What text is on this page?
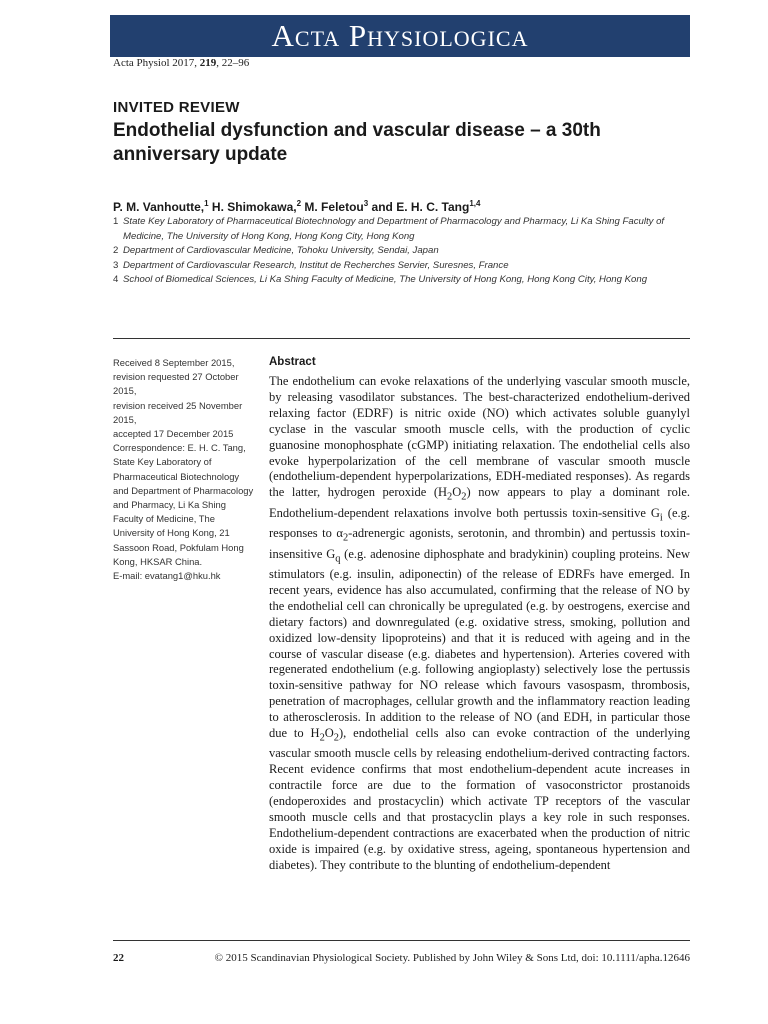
Acta Physiologica
Acta Physiol 2017, 219, 22–96
INVITED REVIEW
Endothelial dysfunction and vascular disease – a 30th anniversary update
P. M. Vanhoutte,$^1$ H. Shimokawa,$^2$ M. Feletou$^3$ and E. H. C. Tang$^{1,4}$
1 State Key Laboratory of Pharmaceutical Biotechnology and Department of Pharmacology and Pharmacy, Li Ka Shing Faculty of Medicine, The University of Hong Kong, Hong Kong City, Hong Kong
2 Department of Cardiovascular Medicine, Tohoku University, Sendai, Japan
3 Department of Cardiovascular Research, Institut de Recherches Servier, Suresnes, France
4 School of Biomedical Sciences, Li Ka Shing Faculty of Medicine, The University of Hong Kong, Hong Kong City, Hong Kong
Received 8 September 2015,
revision requested 27 October 2015,
revision received 25 November 2015,
accepted 17 December 2015
Correspondence: E. H. C. Tang, State Key Laboratory of Pharmaceutical Biotechnology and Department of Pharmacology and Pharmacy, Li Ka Shing Faculty of Medicine, The University of Hong Kong, 21 Sassoon Road, Pokfulam Hong Kong, HKSAR China.
E-mail: evatang1@hku.hk
Abstract

The endothelium can evoke relaxations of the underlying vascular smooth muscle, by releasing vasodilator substances. The best-characterized endothelium-derived relaxing factor (EDRF) is nitric oxide (NO) which activates soluble guanylyl cyclase in the vascular smooth muscle cells, with the production of cyclic guanosine monophosphate (cGMP) initiating relaxation. The endothelial cells also evoke hyperpolarization of the cell membrane of vascular smooth muscle (endothelium-dependent hyperpolarizations, EDH-mediated responses). As regards the latter, hydrogen peroxide $(H_2O_2)$ now appears to play a dominant role. Endothelium-dependent relaxations involve both pertussis toxin-sensitive $G_i$ (e.g. responses to $\alpha_2$-adrenergic agonists, serotonin, and thrombin) and pertussis toxin-insensitive $G_q$ (e.g. adenosine diphosphate and bradykinin) coupling proteins. New stimulators (e.g. insulin, adiponectin) of the release of EDRFs have emerged. In recent years, evidence has also accumulated, confirming that the release of NO by the endothelial cell can chronically be upregulated (e.g. by oestrogens, exercise and dietary factors) and downregulated (e.g. oxidative stress, smoking, pollution and oxidized low-density lipoproteins) and that it is reduced with ageing and in the course of vascular disease (e.g. diabetes and hypertension). Arteries covered with regenerated endothelium (e.g. following angioplasty) selectively lose the pertussis toxin-sensitive pathway for NO release which favours vasospasm, thrombosis, penetration of macrophages, cellular growth and the inflammatory reaction leading to atherosclerosis. In addition to the release of NO (and EDH, in particular those due to $H_2O_2$), endothelial cells also can evoke contraction of the underlying vascular smooth muscle cells by releasing endothelium-derived contracting factors. Recent evidence confirms that most endothelium-dependent acute increases in contractile force are due to the formation of vasoconstrictor prostanoids (endoperoxides and prostacyclin) which activate TP receptors of the vascular smooth muscle cells and that prostacyclin plays a key role in such responses. Endothelium-dependent contractions are exacerbated when the production of nitric oxide is impaired (e.g. by oxidative stress, ageing, spontaneous hypertension and diabetes). They contribute to the blunting of endothelium-dependent

22	© 2015 Scandinavian Physiological Society. Published by John Wiley & Sons Ltd, doi: 10.1111/apha.12646
